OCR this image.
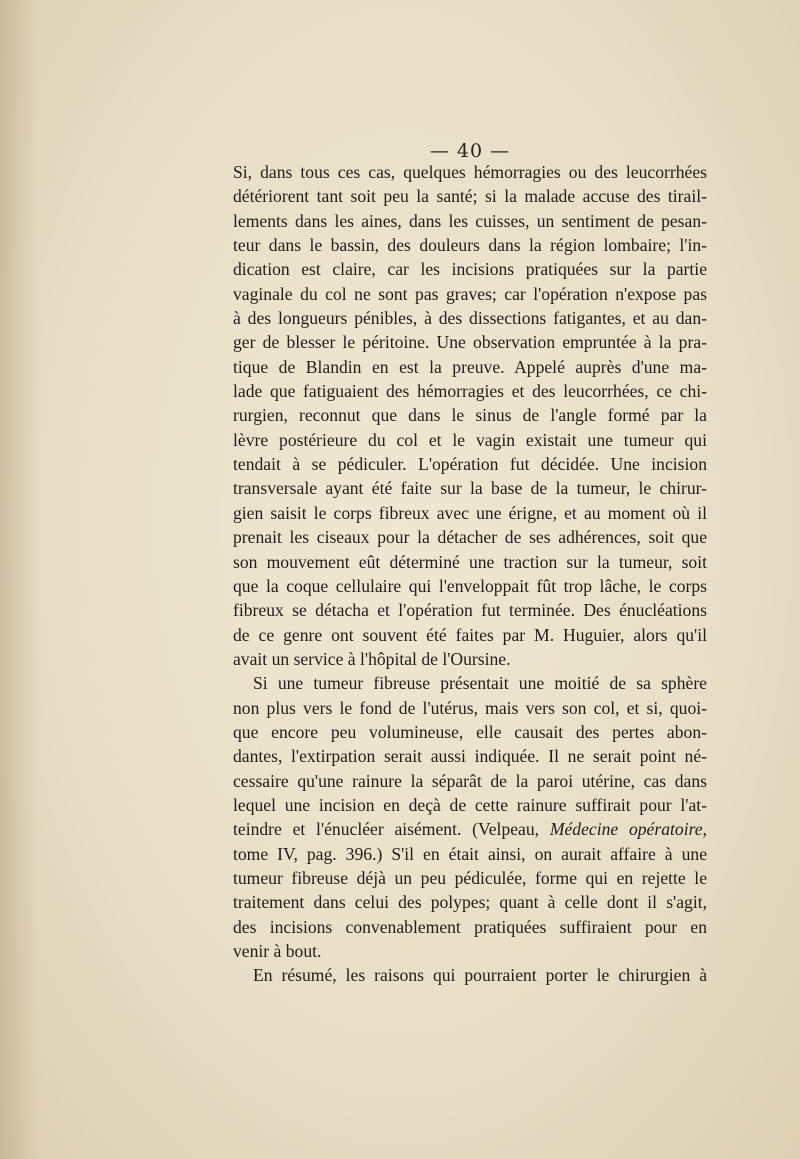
— 40 —
Si, dans tous ces cas, quelques hémorragies ou des leucorrhées
détériorent tant soit peu la santé; si la malade accuse des tirail-
lements dans les aines, dans les cuisses, un sentiment de pesan-
teur dans le bassin, des douleurs dans la région lombaire; l'in-
dication est claire, car les incisions pratiquées sur la partie
vaginale du col ne sont pas graves; car l'opération n'expose pas
à des longueurs pénibles, à des dissections fatigantes, et au dan-
ger de blesser le péritoine. Une observation empruntée à la pra-
tique de Blandin en est la preuve. Appelé auprès d'une ma-
lade que fatiguaient des hémorragies et des leucorrhées, ce chi-
rurgien, reconnut que dans le sinus de l'angle formé par la
lèvre postérieure du col et le vagin existait une tumeur qui
tendait à se pédiculer. L'opération fut décidée. Une incision
transversale ayant été faite sur la base de la tumeur, le chirur-
gien saisit le corps fibreux avec une érigne, et au moment où il
prenait les ciseaux pour la détacher de ses adhérences, soit que
son mouvement eût déterminé une traction sur la tumeur, soit
que la coque cellulaire qui l'enveloppait fût trop lâche, le corps
fibreux se détacha et l'opération fut terminée. Des énucléations
de ce genre ont souvent été faites par M. Huguier, alors qu'il
avait un service à l'hôpital de l'Oursine.
Si une tumeur fibreuse présentait une moitié de sa sphère
non plus vers le fond de l'utérus, mais vers son col, et si, quoi-
que encore peu volumineuse, elle causait des pertes abon-
dantes, l'extirpation serait aussi indiquée. Il ne serait point né-
cessaire qu'une rainure la séparât de la paroi utérine, cas dans
lequel une incision en deçà de cette rainure suffirait pour l'at-
teindre et l'énucléer aisément. (Velpeau, Médecine opératoire,
tome IV, pag. 396.) S'il en était ainsi, on aurait affaire à une
tumeur fibreuse déjà un peu pédiculée, forme qui en rejette le
traitement dans celui des polypes; quant à celle dont il s'agit,
des incisions convenablement pratiquées suffiraient pour en
venir à bout.
En résumé, les raisons qui pourraient porter le chirurgien à
